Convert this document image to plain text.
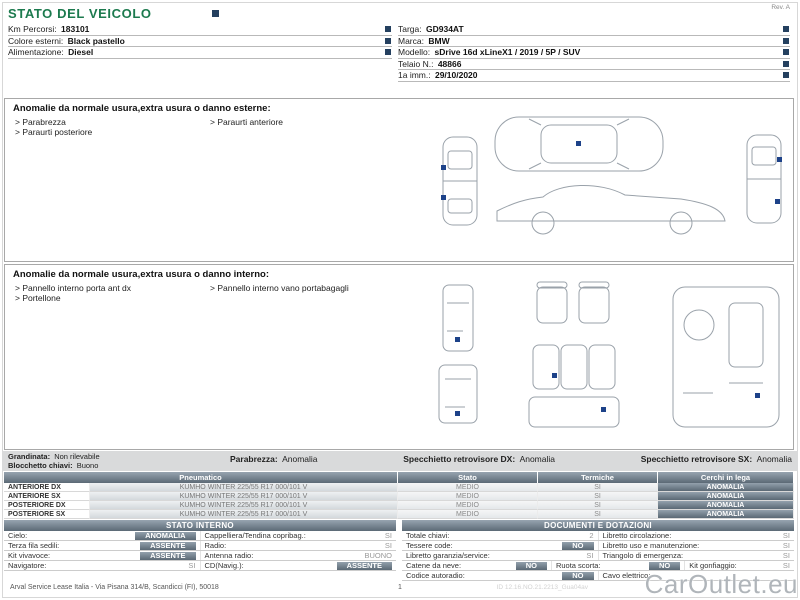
STATO DEL VEICOLO	Rev. A
Km Percorsi: 183101
Colore esterni: Black pastello
Alimentazione: Diesel
Targa: GD934AT
Marca: BMW
Modello: sDrive 16d xLineX1 / 2019 / 5P / SUV
Telaio N.: 48866
1a imm.: 29/10/2020
Anomalie da normale usura,extra usura o danno esterne:
> Parabrezza
> Paraurti posteriore
> Paraurti anteriore
Anomalie da normale usura,extra usura o danno interno:
> Pannello interno porta ant dx
> Portellone
> Pannello interno vano portabagagli
Grandinata: Non rilevabile
Blocchetto chiavi: Buono
Parabrezza: Anomalia	Specchietto retrovisore DX: Anomalia	Specchietto retrovisore SX: Anomalia
Pneumatico	Stato	Termiche	Cerchi in lega
ANTERIORE DX	KUMHO WINTER 225/55 R17 000/101 V	MEDIO	SI	ANOMALIA
ANTERIORE SX	KUMHO WINTER 225/55 R17 000/101 V	MEDIO	SI	ANOMALIA
POSTERIORE DX	KUMHO WINTER 225/55 R17 000/101 V	MEDIO	SI	ANOMALIA
POSTERIORE SX	KUMHO WINTER 225/55 R17 000/101 V	MEDIO	SI	ANOMALIA
STATO INTERNO
Cielo:	ANOMALIA	Cappelliera/Tendina copribag.:	SI
Terza fila sedili:	ASSENTE	Radio:	SI
Kit vivavoce:	ASSENTE	Antenna radio:	BUONO
Navigatore:	SI CD(Navig.):	ASSENTE
DOCUMENTI E DOTAZIONI
Totale chiavi:	2 Libretto circolazione:	SI
Tessere code:	NO	Libretto uso e manutenzione:	SI
Libretto garanzia/service:	SI Triangolo di emergenza:	SI
Catene da neve:	NO	Ruota scorta:	NO	Kit gonfiaggio:	SI
Codice autoradio:	NO	Cavo elettrico:
Arval Service Lease Italia - Via Pisana 314/B, Scandicci (FI), 50018	1	ID 12.16.NO.21.2213_Gua04av CarOutlet.eu
